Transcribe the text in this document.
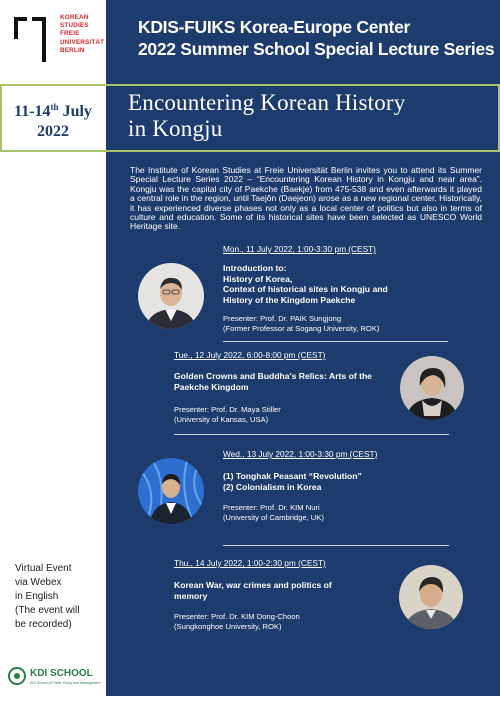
KOREAN
STUDIES
FREIE
UNIVERSITÄT
BERLIN
KDIS-FUIKS Korea-Europe Center
2022 Summer School Special Lecture Series
11-14th July
2022
Encountering Korean History
in Kongju
The Institute of Korean Studies at Freie Universität Berlin invites you to attend its Summer Special Lecture Series 2022 – “Encountering Korean History in Kongju and near area”. Kongju was the capital city of Paekche (Baekje) from 475-538 and even afterwards it played a central role in the region, until Taejŏn (Daejeon) arose as a new regional center. Historically, it has experienced diverse phases not only as a local center of politics but also in terms of culture and education. Some of its historical sites have been selected as UNESCO World Heritage site.
Mon., 11 July 2022, 1:00-3:30 pm (CEST)
Introduction to:
History of Korea,
Context of historical sites in Kongju and
History of the Kingdom Paekche
Presenter: Prof. Dr. PAIK Sungjong
(Former Professor at Sogang University, ROK)
Tue., 12 July 2022, 6:00-8:00 pm (CEST)
Golden Crowns and Buddha's Relics: Arts of the
Paekche Kingdom
Presenter: Prof. Dr. Maya Stiller
(University of Kansas, USA)
Wed., 13 July 2022, 1:00-3:30 pm (CEST)
(1) Tonghak Peasant “Revolution”
(2) Colonialism in Korea
Presenter: Prof. Dr. KIM Nuri
(University of Cambridge, UK)
Thu., 14 July 2022, 1:00-2:30 pm (CEST)
Korean War, war crimes and politics of
memory
Presenter: Prof. Dr. KIM Dong-Choon
(Sungkonghoe University, ROK)
Virtual Event
via Webex
in English
(The event will
be recorded)
KDI SCHOOL
KDI School of Public Policy and Management
